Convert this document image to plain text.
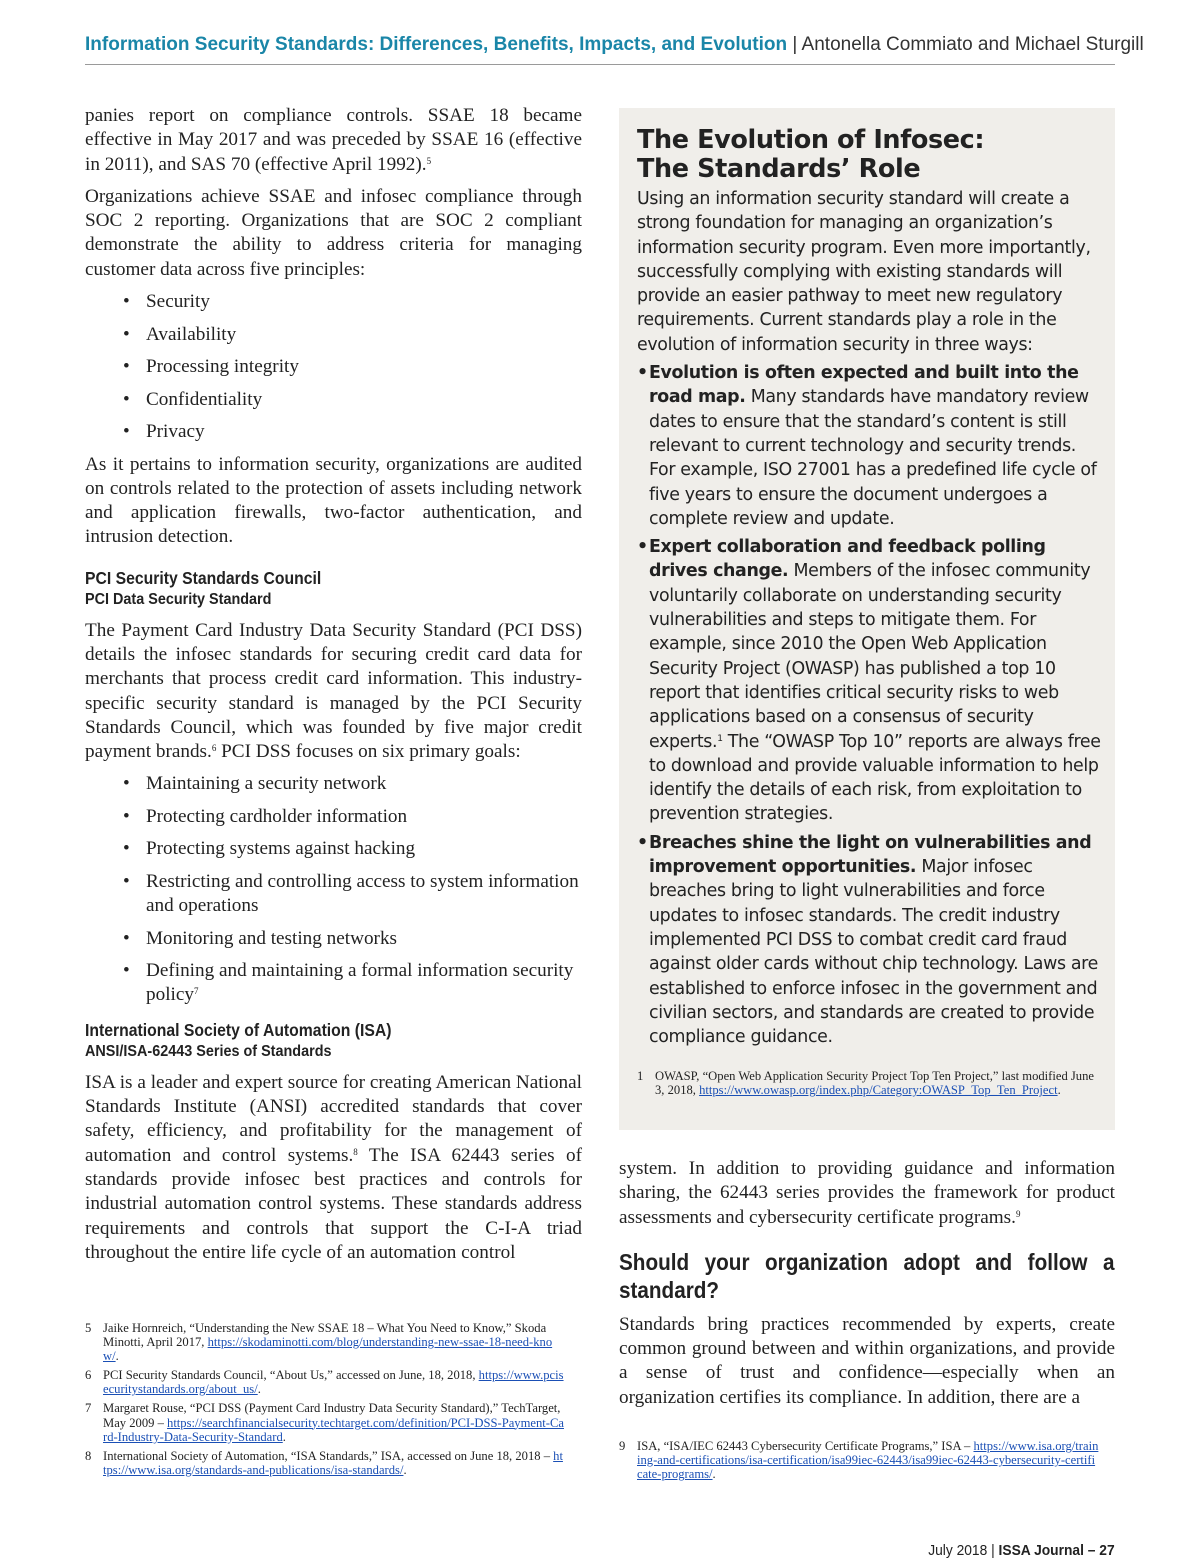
Information Security Standards: Differences, Benefits, Impacts, and Evolution | Antonella Commiato and Michael Sturgill

panies report on compliance controls. SSAE 18 became effective in May 2017 and was preceded by SSAE 16 (effective in 2011), and SAS 70 (effective April 1992).$^5$

Organizations achieve SSAE and infosec compliance through SOC 2 reporting. Organizations that are SOC 2 compliant demonstrate the ability to address criteria for managing customer data across five principles:

• Security
• Availability
• Processing integrity
• Confidentiality
• Privacy

As it pertains to information security, organizations are audited on controls related to the protection of assets including network and application firewalls, two-factor authentication, and intrusion detection.

PCI Security Standards Council
PCI Data Security Standard

The Payment Card Industry Data Security Standard (PCI DSS) details the infosec standards for securing credit card data for merchants that process credit card information. This industry-specific security standard is managed by the PCI Security Standards Council, which was founded by five major credit payment brands.$^6$ PCI DSS focuses on six primary goals:

• Maintaining a security network
• Protecting cardholder information
• Protecting systems against hacking
• Restricting and controlling access to system information and operations
• Monitoring and testing networks
• Defining and maintaining a formal information security policy$^7$
International Society of Automation (ISA)
ANSI/ISA-62443 Series of Standards

ISA is a leader and expert source for creating American National Standards Institute (ANSI) accredited standards that cover safety, efficiency, and profitability for the management of automation and control systems.$^8$ The ISA 62443 series of standards provide infosec best practices and controls for industrial automation control systems. These standards address requirements and controls that support the C-I-A triad throughout the entire life cycle of an automation control

The Evolution of Infosec:
The Standards’ Role

Using an information security standard will create a strong foundation for managing an organization’s information security program. Even more importantly, successfully complying with existing standards will provide an easier pathway to meet new regulatory requirements. Current standards play a role in the evolution of information security in three ways:

• Evolution is often expected and built into the road map. Many standards have mandatory review dates to ensure that the standard’s content is still relevant to current technology and security trends. For example, ISO 27001 has a predefined life cycle of five years to ensure the document undergoes a complete review and update.
• Expert collaboration and feedback polling drives change. Members of the infosec community voluntarily collaborate on understanding security vulnerabilities and steps to mitigate them. For example, since 2010 the Open Web Application Security Project (OWASP) has published a top 10 report that identifies critical security risks to web applications based on a consensus of security experts.$^1$ The “OWASP Top 10” reports are always free to download and provide valuable information to help identify the details of each risk, from exploitation to prevention strategies.
• Breaches shine the light on vulnerabilities and improvement opportunities. Major infosec breaches bring to light vulnerabilities and force updates to infosec standards. The credit industry implemented PCI DSS to combat credit card fraud against older cards without chip technology. Laws are established to enforce infosec in the government and civilian sectors, and standards are created to provide compliance guidance.
1 OWASP, “Open Web Application Security Project Top Ten Project,” last modified June 3, 2018, https://www.owasp.org/index.php/Category:OWASP_Top_Ten_Project.

system. In addition to providing guidance and information sharing, the 62443 series provides the framework for product assessments and cybersecurity certificate programs.$^9$

Should your organization adopt and follow a standard?

Standards bring practices recommended by experts, create common ground between and within organizations, and provide a sense of trust and confidence—especially when an organization certifies its compliance. In addition, there are a

5 Jaike Hornreich, “Understanding the New SSAE 18 – What You Need to Know,” Skoda Minotti, April 2017, https://skodaminotti.com/blog/understanding-new-ssae-18-need-know/.
6 PCI Security Standards Council, “About Us,” accessed on June, 18, 2018, https://www.pcisecuritystandards.org/about_us/.
7 Margaret Rouse, “PCI DSS (Payment Card Industry Data Security Standard),” TechTarget, May 2009 – https://searchfinancialsecurity.techtarget.com/definition/PCI-DSS-Payment-Card-Industry-Data-Security-Standard.
8 International Society of Automation, “ISA Standards,” ISA, accessed on June 18, 2018 – https://www.isa.org/standards-and-publications/isa-standards/.
9 ISA, “ISA/IEC 62443 Cybersecurity Certificate Programs,” ISA – https://www.isa.org/training-and-certifications/isa-certification/isa99iec-62443/isa99iec-62443-cybersecurity-certificate-programs/.
July 2018 | ISSA Journal – 27
